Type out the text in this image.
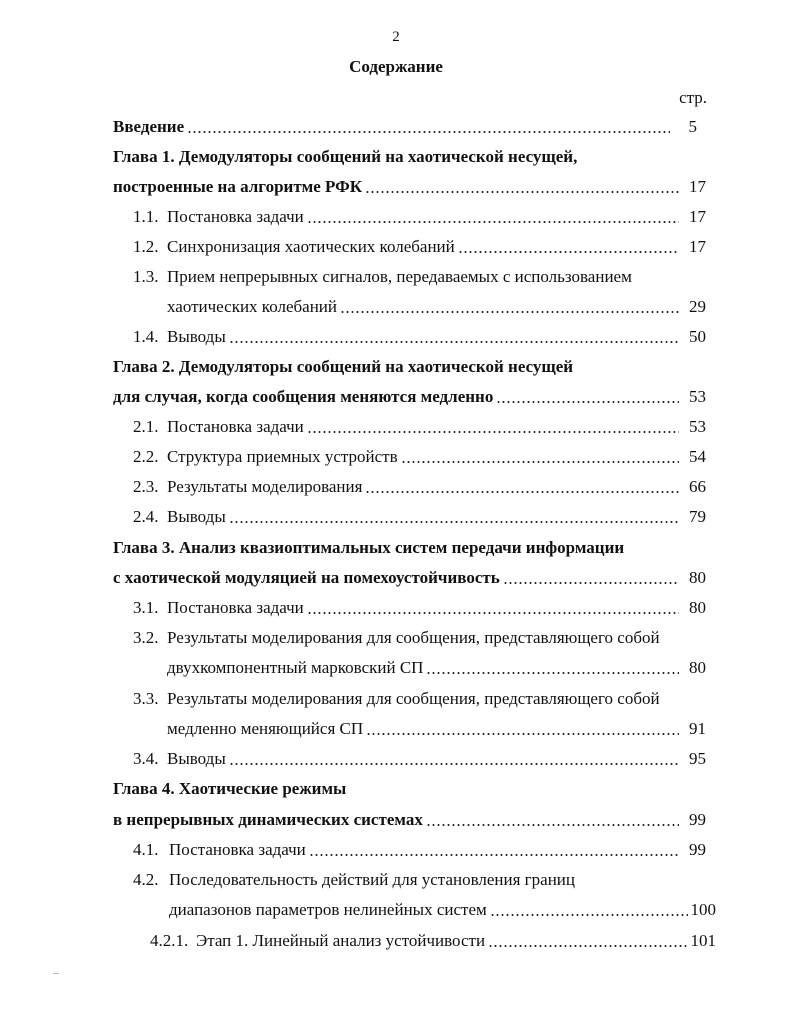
2
Содержание
стр.
Введение	5
Глава 1. Демодуляторы сообщений на хаотической несущей,
построенные на алгоритме РФК	17
1.1. Постановка задачи	17
1.2. Синхронизация хаотических колебаний	17
1.3. Прием непрерывных сигналов, передаваемых с использованием
хаотических колебаний	29
1.4. Выводы	50
Глава 2. Демодуляторы сообщений на хаотической несущей
для случая, когда сообщения меняются медленно	53
2.1. Постановка задачи	53
2.2. Структура приемных устройств	54
2.3. Результаты моделирования	66
2.4. Выводы	79
Глава 3. Анализ квазиоптимальных систем передачи информации
с хаотической модуляцией на помехоустойчивость	80
3.1. Постановка задачи	80
3.2. Результаты моделирования для сообщения, представляющего собой
двухкомпонентный марковский СП	80
3.3. Результаты моделирования для сообщения, представляющего собой
медленно меняющийся СП	91
3.4. Выводы	95
Глава 4. Хаотические режимы
в непрерывных динамических системах	99
4.1. Постановка задачи	99
4.2. Последовательность действий для установления границ
диапазонов параметров нелинейных систем	100
4.2.1. Этап 1. Линейный анализ устойчивости	101
